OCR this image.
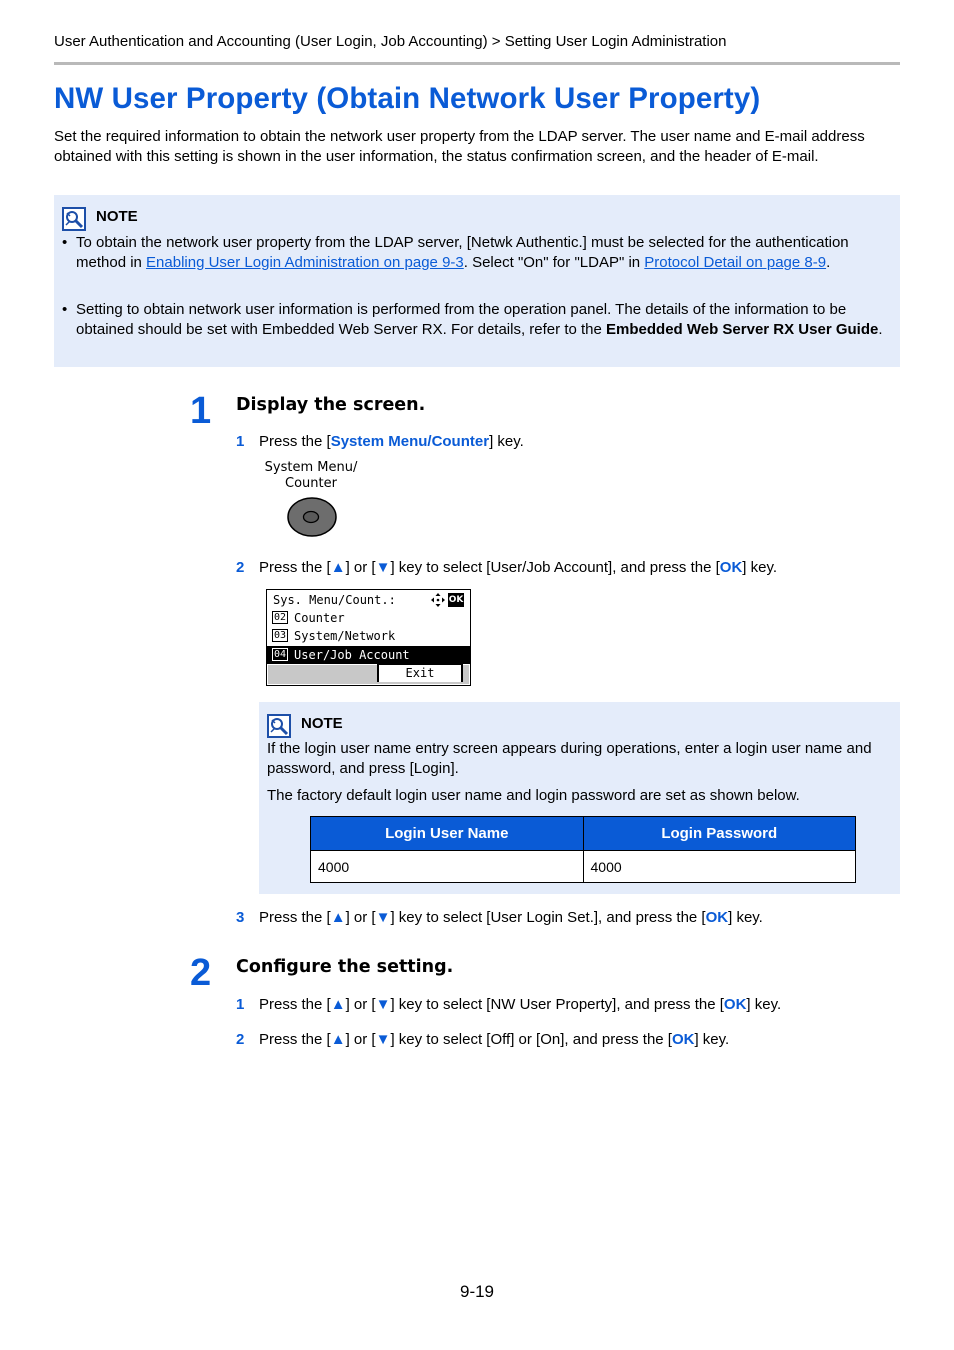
User Authentication and Accounting (User Login, Job Accounting) > Setting User Login Administration
NW User Property (Obtain Network User Property)
Set the required information to obtain the network user property from the LDAP server. The user name and E-mail address obtained with this setting is shown in the user information, the status confirmation screen, and the header of E-mail.
NOTE
• To obtain the network user property from the LDAP server, [Netwk Authentic.] must be selected for the authentication method in Enabling User Login Administration on page 9-3. Select "On" for "LDAP" in Protocol Detail on page 8-9.
• Setting to obtain network user information is performed from the operation panel. The details of the information to be obtained should be set with Embedded Web Server RX. For details, refer to the Embedded Web Server RX User Guide.
1 Display the screen.
1 Press the [System Menu/Counter] key.
System Menu/
Counter
2 Press the [▲] or [▼] key to select [User/Job Account], and press the [OK] key.
Sys. Menu/Count.:	OK
02 Counter
03 System/Network
04 User/Job Account
Exit
NOTE

If the login user name entry screen appears during operations, enter a login user name and password, and press [Login].

The factory default login user name and login password are set as shown below.

Login User Name	Login Password
4000	4000
3 Press the [▲] or [▼] key to select [User Login Set.], and press the [OK] key.
2 Configure the setting.
1 Press the [▲] or [▼] key to select [NW User Property], and press the [OK] key.
2 Press the [▲] or [▼] key to select [Off] or [On], and press the [OK] key.
9-19
